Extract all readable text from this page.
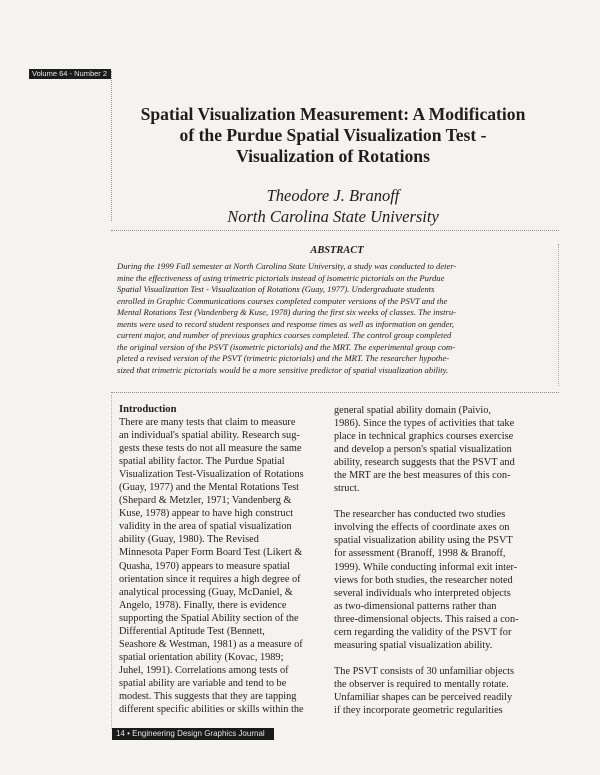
Volume 64 - Number 2
Spatial Visualization Measurement: A Modification
of the Purdue Spatial Visualization Test -
Visualization of Rotations
Theodore J. Branoff
North Carolina State University
ABSTRACT
During the 1999 Fall semester at North Carolina State University, a study was conducted to deter-
mine the effectiveness of using trimetric pictorials instead of isometric pictorials on the Purdue
Spatial Visualization Test - Visualization of Rotations (Guay, 1977). Undergraduate students
enrolled in Graphic Communications courses completed computer versions of the PSVT and the
Mental Rotations Test (Vandenberg & Kuse, 1978) during the first six weeks of classes. The instru-
ments were used to record student responses and response times as well as information on gender,
current major, and number of previous graphics courses completed. The control group completed
the original version of the PSVT (isometric pictorials) and the MRT. The experimental group com-
pleted a revised version of the PSVT (trimetric pictorials) and the MRT. The researcher hypothe-
sized that trimetric pictorials would be a more sensitive predictor of spatial visualization ability.
Introduction
There are many tests that claim to measure
an individual's spatial ability. Research sug-
gests these tests do not all measure the same
spatial ability factor. The Purdue Spatial
Visualization Test-Visualization of Rotations
(Guay, 1977) and the Mental Rotations Test
(Shepard & Metzler, 1971; Vandenberg &
Kuse, 1978) appear to have high construct
validity in the area of spatial visualization
ability (Guay, 1980). The Revised
Minnesota Paper Form Board Test (Likert &
Quasha, 1970) appears to measure spatial
orientation since it requires a high degree of
analytical processing (Guay, McDaniel, &
Angelo, 1978). Finally, there is evidence
supporting the Spatial Ability section of the
Differential Aptitude Test (Bennett,
Seashore & Westman, 1981) as a measure of
spatial orientation ability (Kovac, 1989;
Juhel, 1991). Correlations among tests of
spatial ability are variable and tend to be
modest. This suggests that they are tapping
different specific abilities or skills within the
general spatial ability domain (Paivio,
1986). Since the types of activities that take
place in technical graphics courses exercise
and develop a person's spatial visualization
ability, research suggests that the PSVT and
the MRT are the best measures of this con-
struct.
The researcher has conducted two studies
involving the effects of coordinate axes on
spatial visualization ability using the PSVT
for assessment (Branoff, 1998 & Branoff,
1999). While conducting informal exit inter-
views for both studies, the researcher noted
several individuals who interpreted objects
as two-dimensional patterns rather than
three-dimensional objects. This raised a con-
cern regarding the validity of the PSVT for
measuring spatial visualization ability.
The PSVT consists of 30 unfamiliar objects
the observer is required to mentally rotate.
Unfamiliar shapes can be perceived readily
if they incorporate geometric regularities
14 • Engineering Design Graphics Journal
